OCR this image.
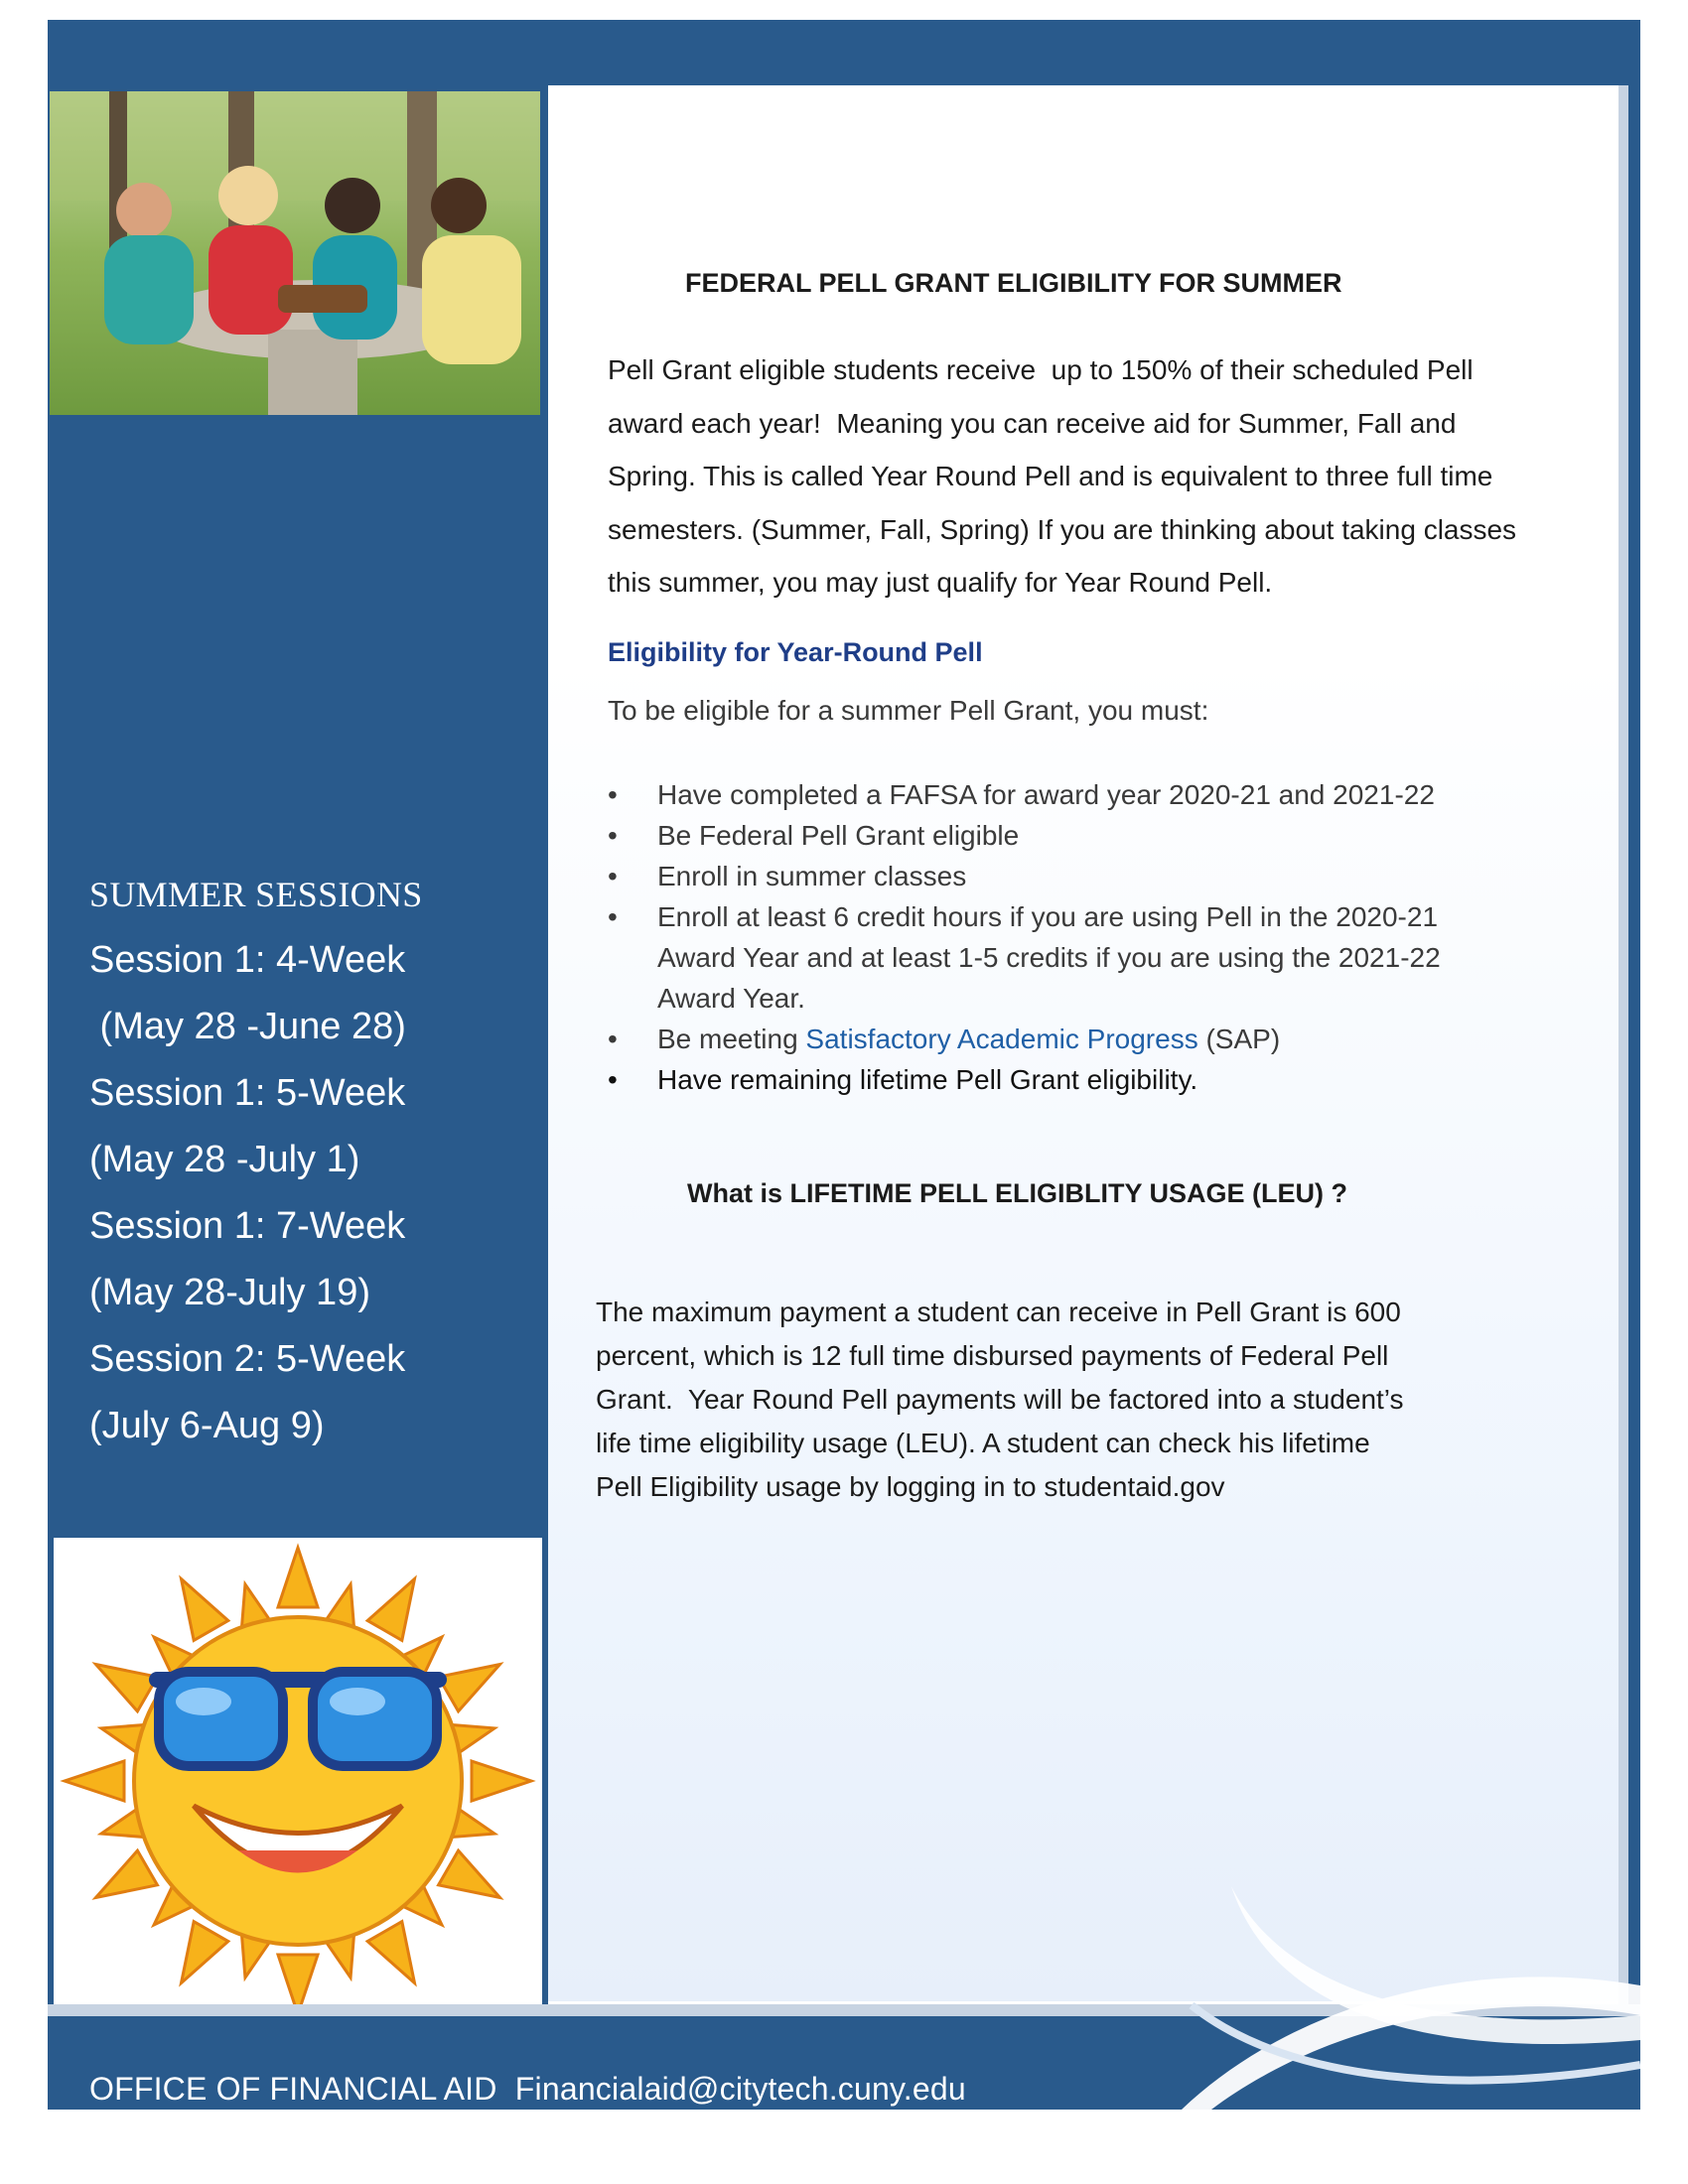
OFFICE OF FINANCIAL AID Financialaid@citytech.cuny.edu
SUMMER SESSIONS
Session 1: 4-Week
(May 28 -June 28)
Session 1: 5-Week
(May 28 -July 1)
Session 1: 7-Week
(May 28-July 19)
Session 2: 5-Week
(July 6-Aug 9)
FEDERAL PELL GRANT ELIGIBILITY FOR SUMMER
Pell Grant eligible students receive  up to 150% of their scheduled Pell
award each year!  Meaning you can receive aid for Summer, Fall and
Spring. This is called Year Round Pell and is equivalent to three full time
semesters. (Summer, Fall, Spring) If you are thinking about taking classes
this summer, you may just qualify for Year Round Pell.
Eligibility for Year-Round Pell
To be eligible for a summer Pell Grant, you must:
• Have completed a FAFSA for award year 2020-21 and 2021-22
• Be Federal Pell Grant eligible
• Enroll in summer classes
• Enroll at least 6 credit hours if you are using Pell in the 2020-21
Award Year and at least 1-5 credits if you are using the 2021-22
Award Year.
• Be meeting Satisfactory Academic Progress (SAP)
• Have remaining lifetime Pell Grant eligibility.
What is LIFETIME PELL ELIGIBLITY USAGE (LEU) ?
The maximum payment a student can receive in Pell Grant is 600
percent, which is 12 full time disbursed payments of Federal Pell
Grant.  Year Round Pell payments will be factored into a student’s
life time eligibility usage (LEU). A student can check his lifetime
Pell Eligibility usage by logging in to studentaid.gov
